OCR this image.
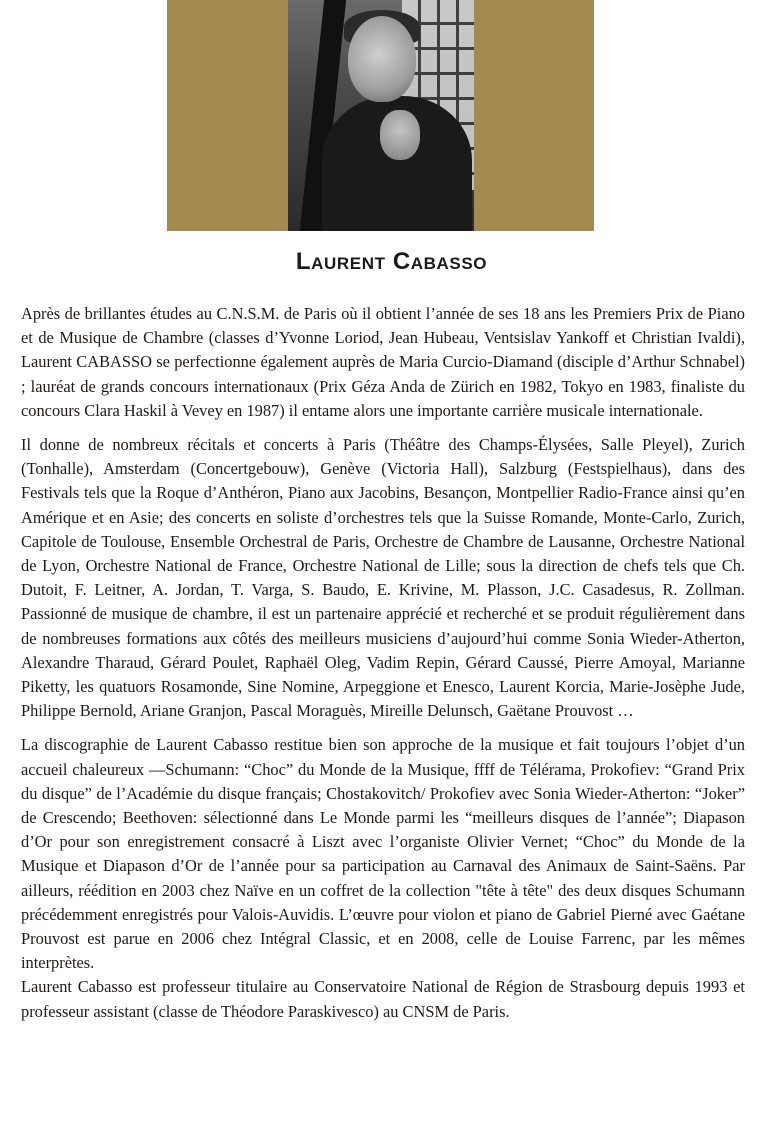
Laurent Cabasso

Après de brillantes études au C.N.S.M. de Paris où il obtient l’année de ses 18 ans les Premiers Prix de Piano et de Musique de Chambre (classes d’Yvonne Loriod, Jean Hubeau, Ventsislav Yankoff et Christian Ivaldi), Laurent CABASSO se perfectionne également auprès de Maria Curcio-Diamand (disciple d’Arthur Schnabel) ; lauréat de grands concours internationaux (Prix Géza Anda de Zürich en 1982, Tokyo en 1983, finaliste du concours Clara Haskil à Vevey en 1987) il entame alors une importante carrière musicale internationale.

Il donne de nombreux récitals et concerts à Paris (Théâtre des Champs-Élysées, Salle Pleyel), Zurich (Tonhalle), Amsterdam (Concertgebouw), Genève (Victoria Hall), Salzburg (Festspielhaus), dans des Festivals tels que la Roque d’Anthéron, Piano aux Jacobins, Besançon, Montpellier Radio-France ainsi qu’en Amérique et en Asie; des concerts en soliste d’orchestres tels que la Suisse Romande, Monte-Carlo, Zurich, Capitole de Toulouse, Ensemble Orchestral de Paris, Orchestre de Chambre de Lausanne, Orchestre National de Lyon, Orchestre National de France, Orchestre National de Lille; sous la direction de chefs tels que Ch. Dutoit, F. Leitner, A. Jordan, T. Varga, S. Baudo, E. Krivine, M. Plasson, J.C. Casadesus, R. Zollman. Passionné de musique de chambre, il est un partenaire apprécié et recherché et se produit régulièrement dans de nombreuses formations aux côtés des meilleurs musiciens d’aujourd’hui comme Sonia Wieder-Atherton, Alexandre Tharaud, Gérard Poulet, Raphaël Oleg, Vadim Repin, Gérard Caussé, Pierre Amoyal, Marianne Piketty, les quatuors Rosamonde, Sine Nomine, Arpeggione et Enesco, Laurent Korcia, Marie-Josèphe Jude, Philippe Bernold, Ariane Granjon, Pascal Moraguès, Mireille Delunsch, Gaëtane Prouvost …

La discographie de Laurent Cabasso restitue bien son approche de la musique et fait toujours l’objet d’un accueil chaleureux —Schumann: “Choc” du Monde de la Musique, ffff de Télérama, Prokofiev: “Grand Prix du disque” de l’Académie du disque français; Chostakovitch/ Prokofiev avec Sonia Wieder-Atherton: “Joker” de Crescendo; Beethoven: sélectionné dans Le Monde parmi les “meilleurs disques de l’année”; Diapason d’Or pour son enregistrement consacré à Liszt avec l’organiste Olivier Vernet; “Choc” du Monde de la Musique et Diapason d’Or de l’année pour sa participation au Carnaval des Animaux de Saint-Saëns. Par ailleurs, réédition en 2003 chez Naïve en un coffret de la collection "tête à tête" des deux disques Schumann précédemment enregistrés pour Valois-Auvidis. L’œuvre pour violon et piano de Gabriel Pierné avec Gaétane Prouvost est parue en 2006 chez Intégral Classic, et en 2008, celle de Louise Farrenc, par les mêmes interprètes.

Laurent Cabasso est professeur titulaire au Conservatoire National de Région de Strasbourg depuis 1993 et professeur assistant (classe de Théodore Paraskivesco) au CNSM de Paris.
